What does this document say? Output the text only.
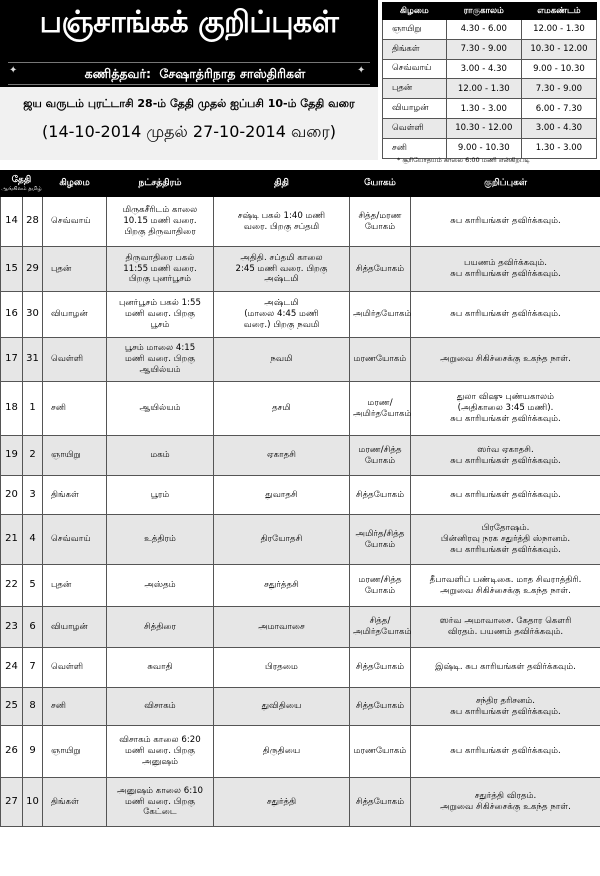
பஞ்சாங்கக் குறிப்புகள்
கணித்தவர்: சேஷாத்ரிநாத சாஸ்திரிகள்
ஜய வருடம் புரட்டாசி 28-ம் தேதி முதல் ஐப்பசி 10-ம் தேதி வரை
(14-10-2014 முதல் 27-10-2014 வரை)
கிழமை	ராகுகாலம்	எமகண்டம்
ஞாயிறு	4.30 - 6.00	12.00 - 1.30
திங்கள்	7.30 - 9.00	10.30 - 12.00
செவ்வாய்	3.00 - 4.30	9.00 - 10.30
புதன்	12.00 - 1.30	7.30 - 9.00
வியாழன்	1.30 - 3.00	6.00 - 7.30
வெள்ளி	10.30 - 12.00	3.00 - 4.30
சனி	9.00 - 10.30	1.30 - 3.00
* சூரியோதயம் காலை 6:00 மணி என்கிறபடி
தேதி
ஆங்கிலம் தமிழ்		கிழமை	நட்சத்திரம்	திதி	யோகம்	குறிப்புகள்
14	28	செவ்வாய்	மிருகசீரிடம் காலை
10.15 மணி வரை.
பிறகு திருவாதிரை	சஷ்டி பகல் 1:40 மணி
வரை. பிறகு சப்தமி	சித்த/மரண
யோகம்	சுப காரியங்கள் தவிர்க்கவும்.
15	29	புதன்	திருவாதிரை பகல்
11:55 மணி வரை.
பிறகு புனர்பூசம்	அதிதி. சப்தமி காலை
2:45 மணி வரை. பிறகு
அஷ்டமி	சித்தயோகம்	பயணம் தவிர்க்கவும்.
சுப காரியங்கள் தவிர்க்கவும்.
16	30	வியாழன்	புனர்பூசம் பகல் 1:55
மணி வரை. பிறகு
பூசம்	அஷ்டமி
(மாலை 4:45 மணி
வரை.) பிறகு நவமி	அமிர்தயோகம்	சுப காரியங்கள் தவிர்க்கவும்.
17	31	வெள்ளி	பூசம் மாலை 4:15
மணி வரை. பிறகு
ஆயில்யம்	நவமி	மரணயோகம்	அறுவை சிகிச்சைக்கு உகந்த நாள்.
18	1	சனி	ஆயில்யம்	தசமி	மரண/
அமிர்தயோகம்	துலா விஷு புண்யகாலம்
(அதிகாலை 3:45 மணி).
சுப காரியங்கள் தவிர்க்கவும்.
19	2	ஞாயிறு	மகம்	ஏகாதசி	மரண/சித்த
யோகம்	ஸர்வ ஏகாதசி.
சுப காரியங்கள் தவிர்க்கவும்.
20	3	திங்கள்	பூரம்	துவாதசி	சித்தயோகம்	சுப காரியங்கள் தவிர்க்கவும்.
21	4	செவ்வாய்	உத்திரம்	திரயோதசி	அமிர்த/சித்த
யோகம்	பிரதோஷம்.
பின்னிரவு நரக சதுர்த்தி ஸ்நானம்.
சுப காரியங்கள் தவிர்க்கவும்.
22	5	புதன்	அஸ்தம்	சதுர்த்தசி	மரண/சித்த
யோகம்	தீபாவளிப் பண்டிகை. மாத சிவராத்திரி.
அறுவை சிகிச்சைக்கு உகந்த நாள்.
23	6	வியாழன்	சித்திரை	அமாவாசை	சித்த/
அமிர்தயோகம்	ஸர்வ அமாவாசை. கேதார கௌரி
விரதம். பயணம் தவிர்க்கவும்.
24	7	வெள்ளி	சுவாதி	பிரதமை	சித்தயோகம்	இஷ்டி. சுப காரியங்கள் தவிர்க்கவும்.
25	8	சனி	விசாகம்	துவிதியை	சித்தயோகம்	சந்திர தரிசனம்.
சுப காரியங்கள் தவிர்க்கவும்.
26	9	ஞாயிறு	விசாகம் காலை 6:20
மணி வரை. பிறகு
அனுஷம்	திருதியை	மரணயோகம்	சுப காரியங்கள் தவிர்க்கவும்.
27	10	திங்கள்	அனுஷம் காலை 6:10
மணி வரை. பிறகு
கேட்டை	சதுர்த்தி	சித்தயோகம்	சதுர்த்தி விரதம்.
அறுவை சிகிச்சைக்கு உகந்த நாள்.
